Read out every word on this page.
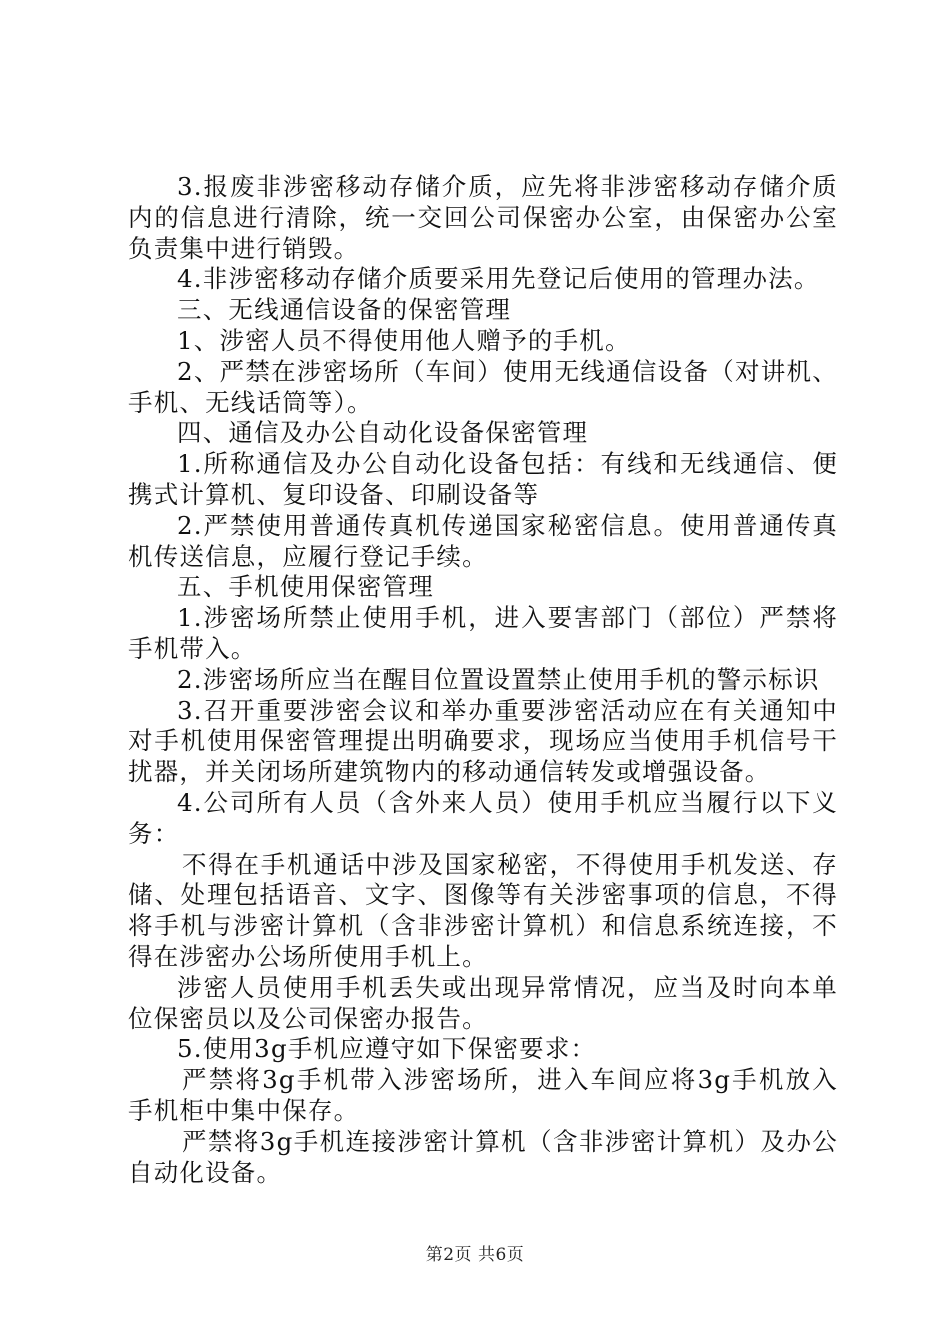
3.报废非涉密移动存储介质，应先将非涉密移动存储介质内的信息进行清除，统一交回公司保密办公室，由保密办公室负责集中进行销毁。

4.非涉密移动存储介质要采用先登记后使用的管理办法。

三、无线通信设备的保密管理

1、涉密人员不得使用他人赠予的手机。

2、严禁在涉密场所（车间）使用无线通信设备（对讲机、手机、无线话筒等）。

四、通信及办公自动化设备保密管理

1.所称通信及办公自动化设备包括：有线和无线通信、便携式计算机、复印设备、印刷设备等

2.严禁使用普通传真机传递国家秘密信息。使用普通传真机传送信息，应履行登记手续。

五、手机使用保密管理

1.涉密场所禁止使用手机，进入要害部门（部位）严禁将手机带入。

2.涉密场所应当在醒目位置设置禁止使用手机的警示标识

3.召开重要涉密会议和举办重要涉密活动应在有关通知中对手机使用保密管理提出明确要求，现场应当使用手机信号干扰器，并关闭场所建筑物内的移动通信转发或增强设备。

4.公司所有人员（含外来人员）使用手机应当履行以下义务：

不得在手机通话中涉及国家秘密，不得使用手机发送、存储、处理包括语音、文字、图像等有关涉密事项的信息，不得将手机与涉密计算机（含非涉密计算机）和信息系统连接，不得在涉密办公场所使用手机上。

涉密人员使用手机丢失或出现异常情况，应当及时向本单位保密员以及公司保密办报告。

5.使用3g手机应遵守如下保密要求：

严禁将3g手机带入涉密场所，进入车间应将3g手机放入手机柜中集中保存。

严禁将3g手机连接涉密计算机（含非涉密计算机）及办公自动化设备。

第2页 共6页
